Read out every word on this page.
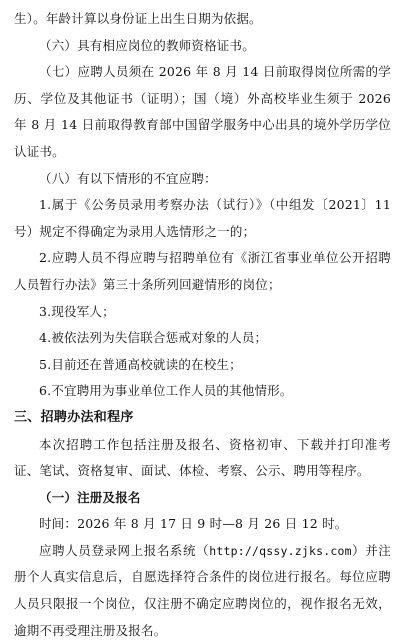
生）。年龄计算以身份证上出生日期为依据。

（六）具有相应岗位的教师资格证书。

（七）应聘人员须在 2026 年 8 月 14 日前取得岗位所需的学历、学位及其他证书（证明）；国（境）外高校毕业生须于 2026 年 8 月 14 日前取得教育部中国留学服务中心出具的境外学历学位认证书。

（八）有以下情形的不宜应聘：

1.属于《公务员录用考察办法（试行）》（中组发〔2021〕11 号）规定不得确定为录用人选情形之一的；

2.应聘人员不得应聘与招聘单位有《浙江省事业单位公开招聘人员暂行办法》第三十条所列回避情形的岗位；

3.现役军人；

4.被依法列为失信联合惩戒对象的人员；

5.目前还在普通高校就读的在校生；

6.不宜聘用为事业单位工作人员的其他情形。

三、招聘办法和程序

本次招聘工作包括注册及报名、资格初审、下载并打印准考证、笔试、资格复审、面试、体检、考察、公示、聘用等程序。

（一）注册及报名

时间：2026 年 8 月 17 日 9 时—8 月 26 日 12 时。

应聘人员登录网上报名系统（http://qssy.zjks.com）并注册个人真实信息后，自愿选择符合条件的岗位进行报名。每位应聘人员只限报一个岗位，仅注册不确定应聘岗位的，视作报名无效，逾期不再受理注册及报名。
